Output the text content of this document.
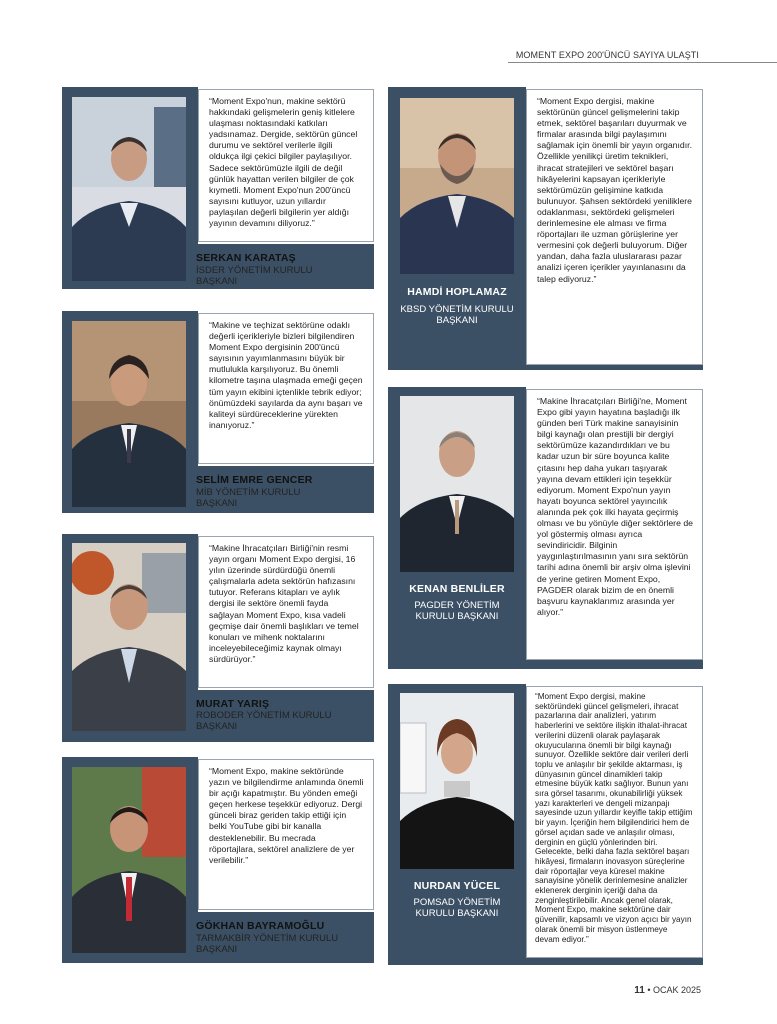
MOMENT EXPO 200'ÜNCÜ SAYIYA ULAŞTI
“Moment Expo'nun, makine sektörü hakkındaki gelişmelerin geniş kitlelere ulaşması noktasındaki katkıları yadsınamaz. Dergide, sektörün güncel durumu ve sektörel verilerle ilgili oldukça ilgi çekici bilgiler paylaşılıyor. Sadece sektörümüzle ilgili de değil günlük hayattan verilen bilgiler de çok kıymetli. Moment Expo'nun 200'üncü sayısını kutluyor, uzun yıllardır paylaşılan değerli bilgilerin yer aldığı yayının devamını diliyoruz.”
SERKAN KARATAŞ
İSDER YÖNETİM KURULU BAŞKANI
“Moment Expo dergisi, makine sektörünün güncel gelişmelerini takip etmek, sektörel başarıları duyurmak ve firmalar arasında bilgi paylaşımını sağlamak için önemli bir yayın organıdır. Özellikle yenilikçi üretim teknikleri, ihracat stratejileri ve sektörel başarı hikâyelerini kapsayan içerikleriyle sektörümüzün gelişimine katkıda bulunuyor. Şahsen sektördeki yeniliklere odaklanması, sektördeki gelişmeleri derinlemesine ele alması ve firma röportajları ile uzman görüşlerine yer vermesini çok değerli buluyorum. Diğer yandan, daha fazla uluslararası pazar analizi içeren içerikler yayınlanasını da talep ediyoruz.”
HAMDİ HOPLAMAZ
KBSD YÖNETİM KURULU BAŞKANI
“Makine ve teçhizat sektörüne odaklı değerli içerikleriyle bizleri bilgilendiren Moment Expo dergisinin 200'üncü sayısının yayımlanmasını büyük bir mutlulukla karşılıyoruz. Bu önemli kilometre taşına ulaşmada emeği geçen tüm yayın ekibini içtenlikle tebrik ediyor; önümüzdeki sayılarda da aynı başarı ve kaliteyi sürdüreceklerine yürekten inanıyoruz.”
SELİM EMRE GENCER
MİB YÖNETİM KURULU BAŞKANI
“Makine İhracatçıları Birliği'ne, Moment Expo gibi yayın hayatına başladığı ilk günden beri Türk makine sanayisinin bilgi kaynağı olan prestijli bir dergiyi sektörümüze kazandırdıkları ve bu kadar uzun bir süre boyunca kalite çıtasını hep daha yukarı taşıyarak yayına devam ettikleri için teşekkür ediyorum. Moment Expo'nun yayın hayatı boyunca sektörel yayıncılık alanında pek çok ilki hayata geçirmiş olması ve bu yönüyle diğer sektörlere de yol göstermiş olması ayrıca sevindiricidir. Bilginin yaygınlaştırılmasının yanı sıra sektörün tarihi adına önemli bir arşiv olma işlevini de yerine getiren Moment Expo, PAGDER olarak bizim de en önemli başvuru kaynaklarımız arasında yer alıyor.”
KENAN BENLİLER
PAGDER YÖNETİM KURULU BAŞKANI
“Makine İhracatçıları Birliği'nin resmi yayın organı Moment Expo dergisi, 16 yılın üzerinde sürdürdüğü önemli çalışmalarla adeta sektörün hafızasını tutuyor. Referans kitapları ve aylık dergisi ile sektöre önemli fayda sağlayan Moment Expo, kısa vadeli geçmişe dair önemli başlıkları ve temel konuları ve mihenk noktalarını inceleyebileceğimiz kaynak olmayı sürdürüyor.”
MURAT YARIŞ
ROBODER YÖNETİM KURULU BAŞKANI
“Moment Expo dergisi, makine sektöründeki güncel gelişmeleri, ihracat pazarlarına dair analizleri, yatırım haberlerini ve sektöre ilişkin ithalat-ihracat verilerini düzenli olarak paylaşarak okuyucularına önemli bir bilgi kaynağı sunuyor. Özellikle sektöre dair verileri derli toplu ve anlaşılır bir şekilde aktarması, iş dünyasının güncel dinamikleri takip etmesine büyük katkı sağlıyor. Bunun yanı sıra görsel tasarımı, okunabilirliği yüksek yazı karakterleri ve dengeli mizanpajı sayesinde uzun yıllardır keyifle takip ettiğim bir yayın. İçeriğin hem bilgilendirici hem de görsel açıdan sade ve anlaşılır olması, derginin en güçlü yönlerinden biri. Gelecekte, belki daha fazla sektörel başarı hikâyesi, firmaların inovasyon süreçlerine dair röportajlar veya küresel makine sanayisine yönelik derinlemesine analizler eklenerek derginin içeriği daha da zenginleştirilebilir. Ancak genel olarak, Moment Expo, makine sektörüne dair güvenilir, kapsamlı ve vizyon açıcı bir yayın olarak önemli bir misyon üstlenmeye devam ediyor.”
NURDAN YÜCEL
POMSAD YÖNETİM KURULU BAŞKANI
“Moment Expo, makine sektöründe yazın ve bilgilendirme anlamında önemli bir açığı kapatmıştır. Bu yönden emeği geçen herkese teşekkür ediyoruz. Dergi günceli biraz geriden takip ettiği için belki YouTube gibi bir kanalla desteklenebilir. Bu mecrada röportajlara, sektörel analizlere de yer verilebilir.”
GÖKHAN BAYRAMOĞLU
TARMAKBİR YÖNETİM KURULU BAŞKANI
11 • OCAK 2025
